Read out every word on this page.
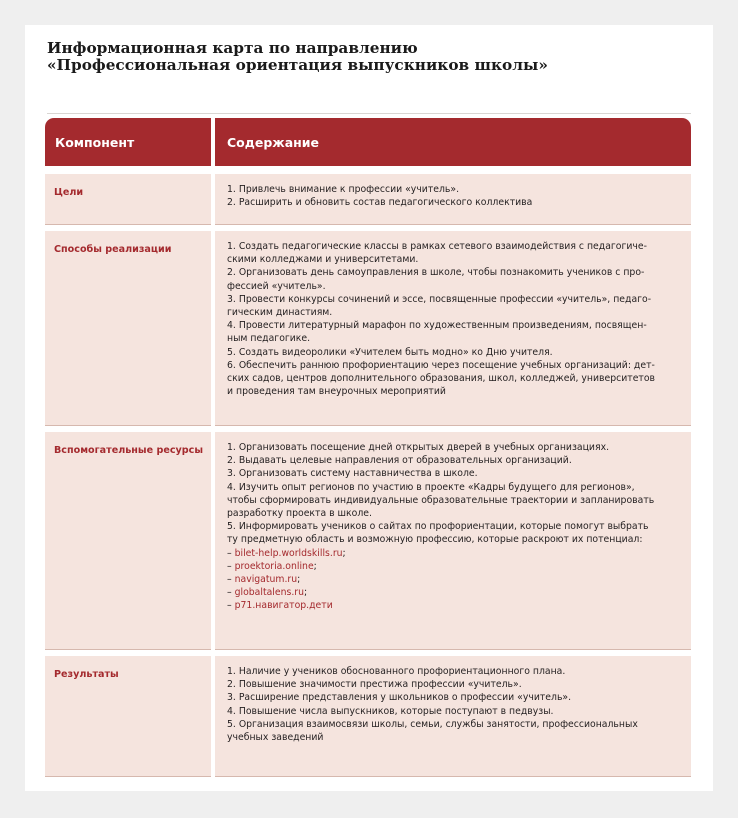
Информационная карта по направлению
«Профессиональная ориентация выпускников школы»
Компонент	Содержание
Цели	1. Привлечь внимание к профессии «учитель».
2. Расширить и обновить состав педагогического коллектива
Способы реализации	1. Создать педагогические классы в рамках сетевого взаимодействия с педагогиче-
скими колледжами и университетами.
2. Организовать день самоуправления в школе, чтобы познакомить учеников с про-
фессией «учитель».
3. Провести конкурсы сочинений и эссе, посвященные профессии «учитель», педаго-
гическим династиям.
4. Провести литературный марафон по художественным произведениям, посвящен-
ным педагогике.
5. Создать видеоролики «Учителем быть модно» ко Дню учителя.
6. Обеспечить раннюю профориентацию через посещение учебных организаций: дет-
ских садов, центров дополнительного образования, школ, колледжей, университетов
и проведения там внеурочных мероприятий
Вспомогательные ресурсы	1. Организовать посещение дней открытых дверей в учебных организациях.
2. Выдавать целевые направления от образовательных организаций.
3. Организовать систему наставничества в школе.
4. Изучить опыт регионов по участию в проекте «Кадры будущего для регионов»,
чтобы сформировать индивидуальные образовательные траектории и запланировать
разработку проекта в школе.
5. Информировать учеников о сайтах по профориентации, которые помогут выбрать
ту предметную область и возможную профессию, которые раскроют их потенциал:
– bilet-help.worldskills.ru;
– proektoria.online;
– navigatum.ru;
– globaltalens.ru;
– p71.навигатор.дети
Результаты	1. Наличие у учеников обоснованного профориентационного плана.
2. Повышение значимости престижа профессии «учитель».
3. Расширение представления у школьников о профессии «учитель».
4. Повышение числа выпускников, которые поступают в педвузы.
5. Организация взаимосвязи школы, семьи, службы занятости, профессиональных
учебных заведений
